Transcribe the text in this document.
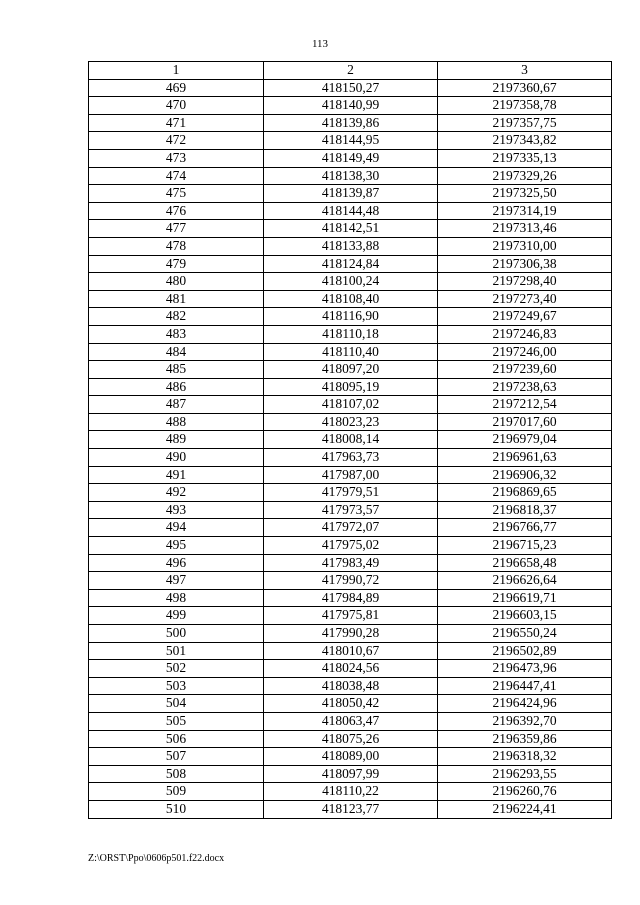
113
1	2	3
469	418150,27	2197360,67
470	418140,99	2197358,78
471	418139,86	2197357,75
472	418144,95	2197343,82
473	418149,49	2197335,13
474	418138,30	2197329,26
475	418139,87	2197325,50
476	418144,48	2197314,19
477	418142,51	2197313,46
478	418133,88	2197310,00
479	418124,84	2197306,38
480	418100,24	2197298,40
481	418108,40	2197273,40
482	418116,90	2197249,67
483	418110,18	2197246,83
484	418110,40	2197246,00
485	418097,20	2197239,60
486	418095,19	2197238,63
487	418107,02	2197212,54
488	418023,23	2197017,60
489	418008,14	2196979,04
490	417963,73	2196961,63
491	417987,00	2196906,32
492	417979,51	2196869,65
493	417973,57	2196818,37
494	417972,07	2196766,77
495	417975,02	2196715,23
496	417983,49	2196658,48
497	417990,72	2196626,64
498	417984,89	2196619,71
499	417975,81	2196603,15
500	417990,28	2196550,24
501	418010,67	2196502,89
502	418024,56	2196473,96
503	418038,48	2196447,41
504	418050,42	2196424,96
505	418063,47	2196392,70
506	418075,26	2196359,86
507	418089,00	2196318,32
508	418097,99	2196293,55
509	418110,22	2196260,76
510	418123,77	2196224,41
Z:\ORST\Ppo\0606p501.f22.docx
